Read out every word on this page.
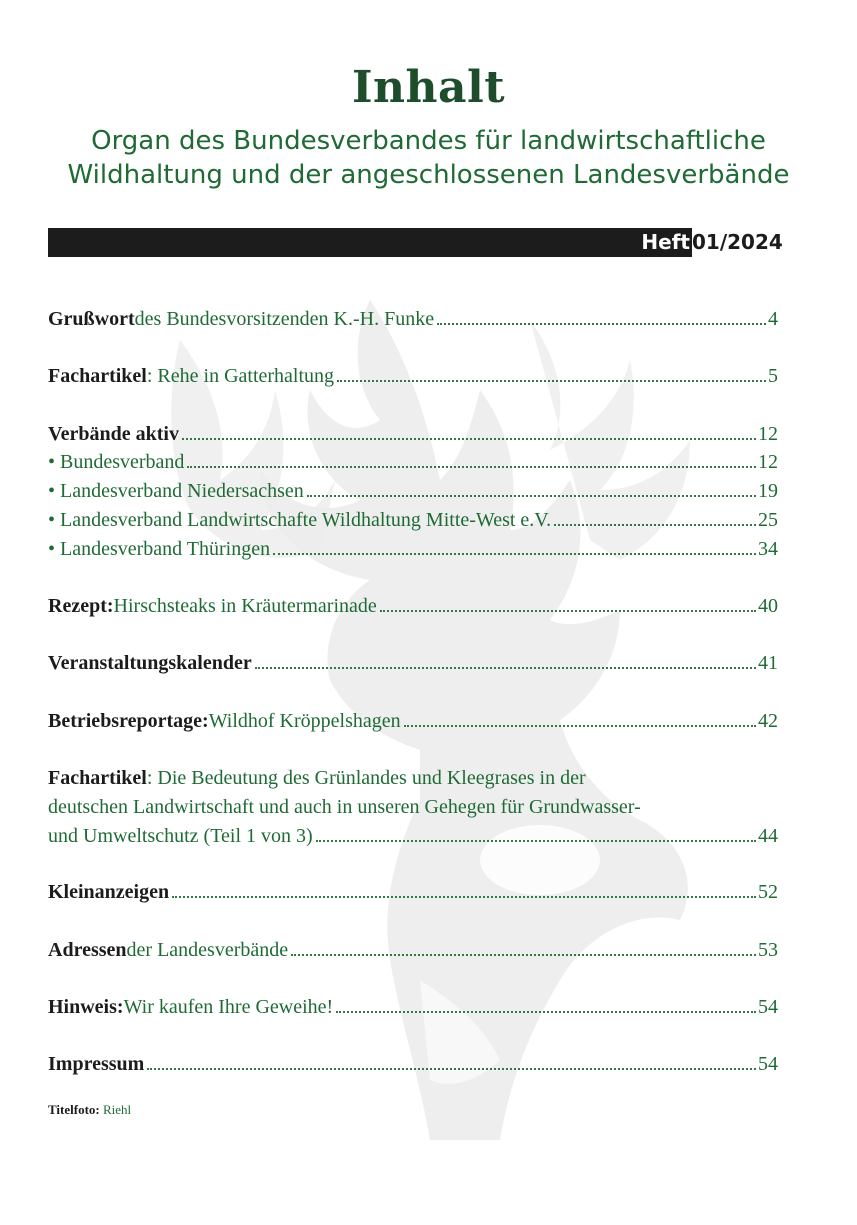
Inhalt
Organ des Bundesverbandes für landwirtschaftliche
Wildhaltung und der angeschlossenen Landesverbände
Heft 01/2024
Grußwort des Bundesvorsitzenden K.-H. Funke	4
Fachartikel : Rehe in Gatterhaltung	5
Verbände aktiv	12
• Bundesverband	12
• Landesverband Niedersachsen	19
• Landesverband Landwirtschafte Wildhaltung Mitte-West e.V.	25
• Landesverband Thüringen	34
Rezept: Hirschsteaks in Kräutermarinade	40
Veranstaltungskalender	41
Betriebsreportage: Wildhof Kröppelshagen	42
Fachartikel: Die Bedeutung des Grünlandes und Kleegrases in der
deutschen Landwirtschaft und auch in unseren Gehegen für Grundwasser-
und Umweltschutz (Teil 1 von 3)	44
Kleinanzeigen	52
Adressen der Landesverbände	53
Hinweis: Wir kaufen Ihre Geweihe!	54
Impressum	54
Titelfoto: Riehl
